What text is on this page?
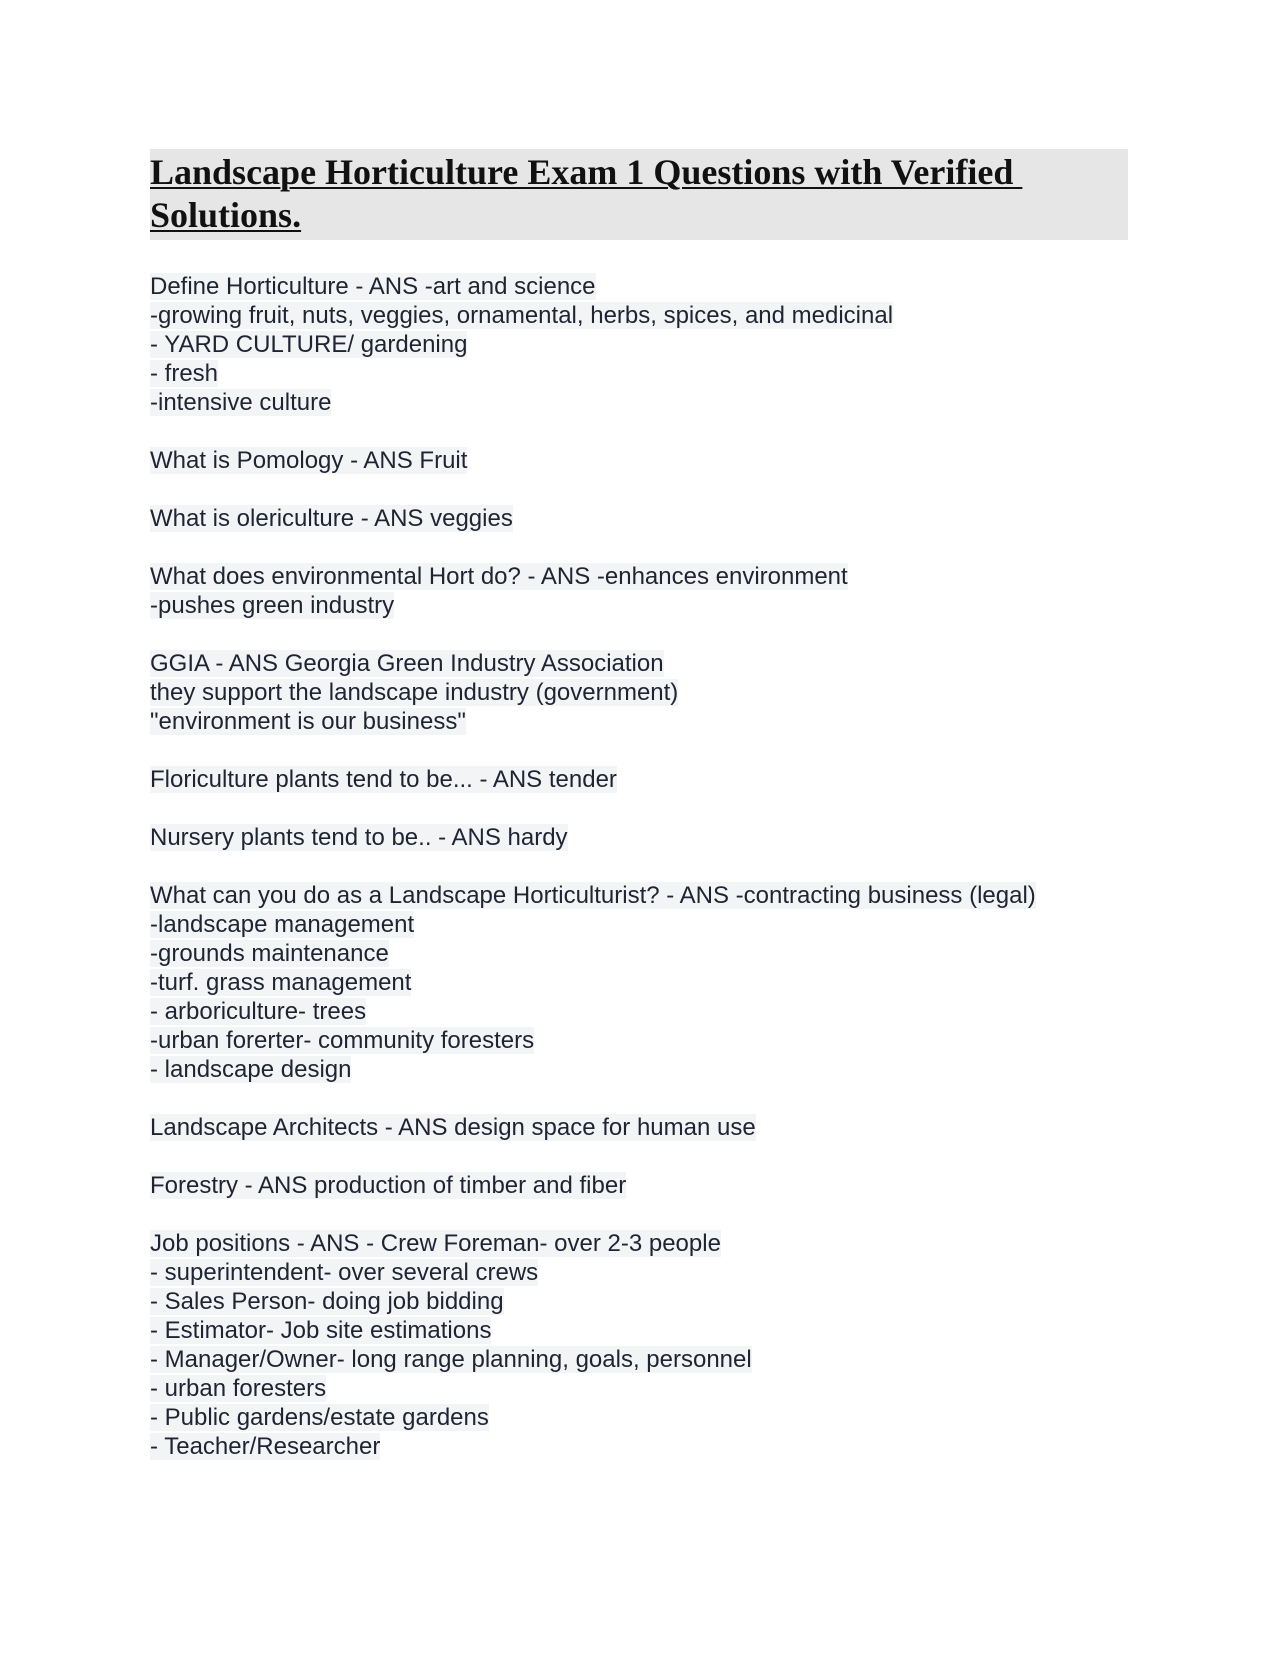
Landscape Horticulture Exam 1 Questions with Verified
Solutions.
Define Horticulture - ANS -art and science
-growing fruit, nuts, veggies, ornamental, herbs, spices, and medicinal
- YARD CULTURE/ gardening
- fresh
-intensive culture
What is Pomology - ANS Fruit
What is olericulture - ANS veggies
What does environmental Hort do? - ANS -enhances environment
-pushes green industry
GGIA - ANS Georgia Green Industry Association
they support the landscape industry (government)
"environment is our business"
Floriculture plants tend to be... - ANS tender
Nursery plants tend to be.. - ANS hardy
What can you do as a Landscape Horticulturist? - ANS -contracting business (legal)
-landscape management
-grounds maintenance
-turf. grass management
- arboriculture- trees
-urban forerter- community foresters
- landscape design
Landscape Architects - ANS design space for human use
Forestry - ANS production of timber and fiber
Job positions - ANS - Crew Foreman- over 2-3 people
- superintendent- over several crews
- Sales Person- doing job bidding
- Estimator- Job site estimations
- Manager/Owner- long range planning, goals, personnel
- urban foresters
- Public gardens/estate gardens
- Teacher/Researcher
